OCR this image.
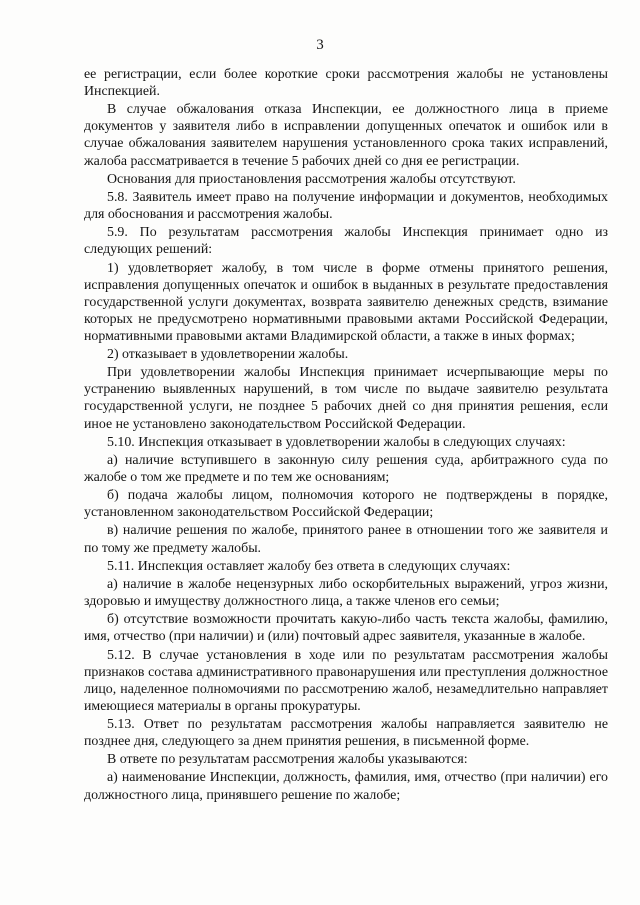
3

ее регистрации, если более короткие сроки рассмотрения жалобы не установлены Инспекцией.

В случае обжалования отказа Инспекции, ее должностного лица в приеме документов у заявителя либо в исправлении допущенных опечаток и ошибок или в случае обжалования заявителем нарушения установленного срока таких исправлений, жалоба рассматривается в течение 5 рабочих дней со дня ее регистрации.

Основания для приостановления рассмотрения жалобы отсутствуют.

5.8. Заявитель имеет право на получение информации и документов, необходимых для обоснования и рассмотрения жалобы.

5.9. По результатам рассмотрения жалобы Инспекция принимает одно из следующих решений:

1) удовлетворяет жалобу, в том числе в форме отмены принятого решения, исправления допущенных опечаток и ошибок в выданных в результате предоставления государственной услуги документах, возврата заявителю денежных средств, взимание которых не предусмотрено нормативными правовыми актами Российской Федерации, нормативными правовыми актами Владимирской области, а также в иных формах;

2) отказывает в удовлетворении жалобы.

При удовлетворении жалобы Инспекция принимает исчерпывающие меры по устранению выявленных нарушений, в том числе по выдаче заявителю результата государственной услуги, не позднее 5 рабочих дней со дня принятия решения, если иное не установлено законодательством Российской Федерации.

5.10. Инспекция отказывает в удовлетворении жалобы в следующих случаях:

а) наличие вступившего в законную силу решения суда, арбитражного суда по жалобе о том же предмете и по тем же основаниям;

б) подача жалобы лицом, полномочия которого не подтверждены в порядке, установленном законодательством Российской Федерации;

в) наличие решения по жалобе, принятого ранее в отношении того же заявителя и по тому же предмету жалобы.

5.11. Инспекция оставляет жалобу без ответа в следующих случаях:

а) наличие в жалобе нецензурных либо оскорбительных выражений, угроз жизни, здоровью и имуществу должностного лица, а также членов его семьи;

б) отсутствие возможности прочитать какую-либо часть текста жалобы, фамилию, имя, отчество (при наличии) и (или) почтовый адрес заявителя, указанные в жалобе.

5.12. В случае установления в ходе или по результатам рассмотрения жалобы признаков состава административного правонарушения или преступления должностное лицо, наделенное полномочиями по рассмотрению жалоб, незамедлительно направляет имеющиеся материалы в органы прокуратуры.

5.13. Ответ по результатам рассмотрения жалобы направляется заявителю не позднее дня, следующего за днем принятия решения, в письменной форме.

В ответе по результатам рассмотрения жалобы указываются:

а) наименование Инспекции, должность, фамилия, имя, отчество (при наличии) его должностного лица, принявшего решение по жалобе;
